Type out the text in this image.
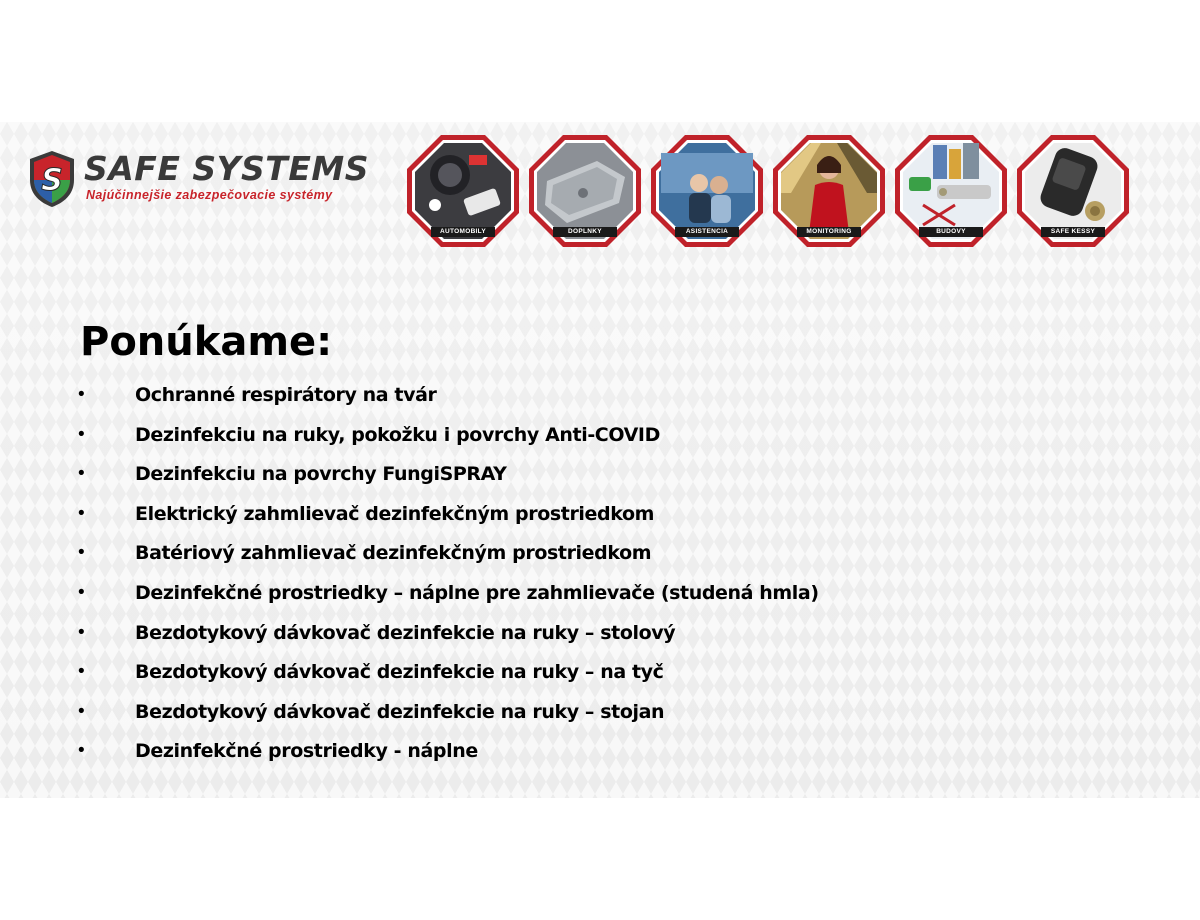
S SAFE SYSTEMS
Najúčinnejšie zabezpečovacie systémy
AUTOMOBILY	DOPLNKY	ASISTENCIA	MONITORING	BUDOVY	SAFE KESSY
Ponúkame:
•	Ochranné respirátory na tvár
•	Dezinfekciu na ruky, pokožku i povrchy Anti-COVID
•	Dezinfekciu na povrchy FungiSPRAY
•	Elektrický zahmlievač dezinfekčným prostriedkom
•	Batériový zahmlievač dezinfekčným prostriedkom
•	Dezinfekčné prostriedky – náplne pre zahmlievače (studená hmla)
•	Bezdotykový dávkovač dezinfekcie na ruky – stolový
•	Bezdotykový dávkovač dezinfekcie na ruky – na tyč
•	Bezdotykový dávkovač dezinfekcie na ruky – stojan
•	Dezinfekčné prostriedky - náplne
